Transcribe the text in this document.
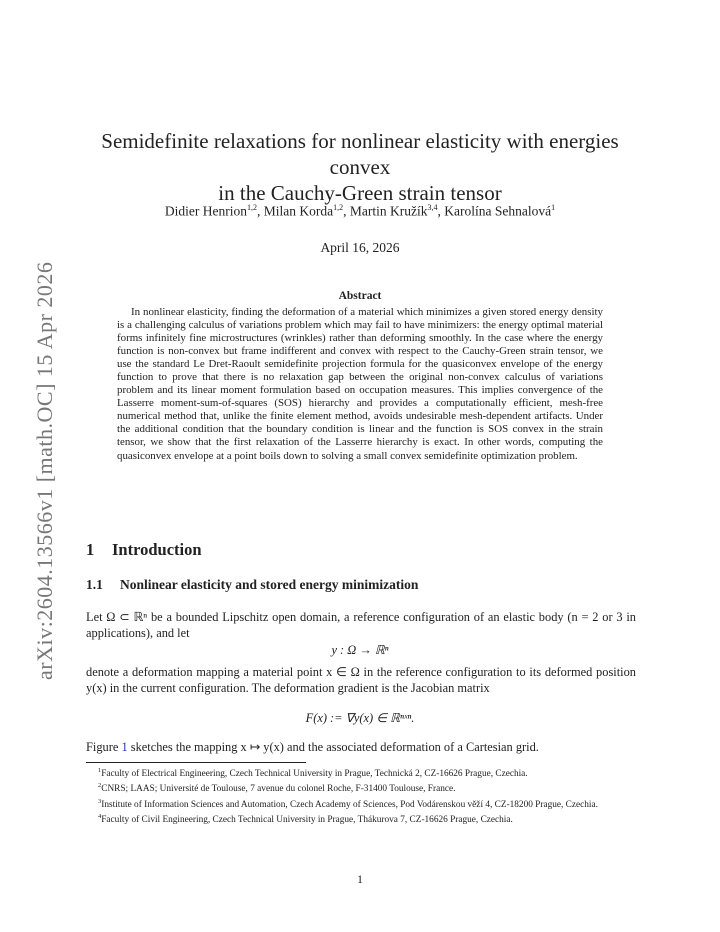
arXiv:2604.13566v1 [math.OC] 15 Apr 2026
Semidefinite relaxations for nonlinear elasticity with energies convex
in the Cauchy-Green strain tensor
Didier Henrion$^{1,2}$, Milan Korda$^{1,2}$, Martin Kružík$^{3,4}$, Karolína Sehnalová$^1$
April 16, 2026
Abstract

In nonlinear elasticity, finding the deformation of a material which minimizes a given stored energy density is a challenging calculus of variations problem which may fail to have minimizers: the energy optimal material forms infinitely fine microstructures (wrinkles) rather than deforming smoothly. In the case where the energy function is non-convex but frame indifferent and convex with respect to the Cauchy-Green strain tensor, we use the standard Le Dret-Raoult semidefinite projection formula for the quasiconvex envelope of the energy function to prove that there is no relaxation gap between the original non-convex calculus of variations problem and its linear moment formulation based on occupation measures. This implies convergence of the Lasserre moment-sum-of-squares (SOS) hierarchy and provides a computationally efficient, mesh-free numerical method that, unlike the finite element method, avoids undesirable mesh-dependent artifacts. Under the additional condition that the boundary condition is linear and the function is SOS convex in the strain tensor, we show that the first relaxation of the Lasserre hierarchy is exact. In other words, computing the quasiconvex envelope at a point boils down to solving a small convex semidefinite optimization problem.

1 Introduction
1.1 Nonlinear elasticity and stored energy minimization
Let Ω ⊂ ℝⁿ be a bounded Lipschitz open domain, a reference configuration of an elastic body (n = 2 or 3 in applications), and let
y : Ω → ℝⁿ
denote a deformation mapping a material point x ∈ Ω in the reference configuration to its deformed position y(x) in the current configuration. The deformation gradient is the Jacobian matrix
F(x) := ∇y(x) ∈ ℝⁿˣⁿ.
Figure 1 sketches the mapping x ↦ y(x) and the associated deformation of a Cartesian grid.

$^1$Faculty of Electrical Engineering, Czech Technical University in Prague, Technická 2, CZ-16626 Prague, Czechia.

$^2$CNRS; LAAS; Université de Toulouse, 7 avenue du colonel Roche, F-31400 Toulouse, France.

$^3$Institute of Information Sciences and Automation, Czech Academy of Sciences, Pod Vodárenskou věží 4, CZ-18200 Prague, Czechia.

$^4$Faculty of Civil Engineering, Czech Technical University in Prague, Thákurova 7, CZ-16626 Prague, Czechia.

1
